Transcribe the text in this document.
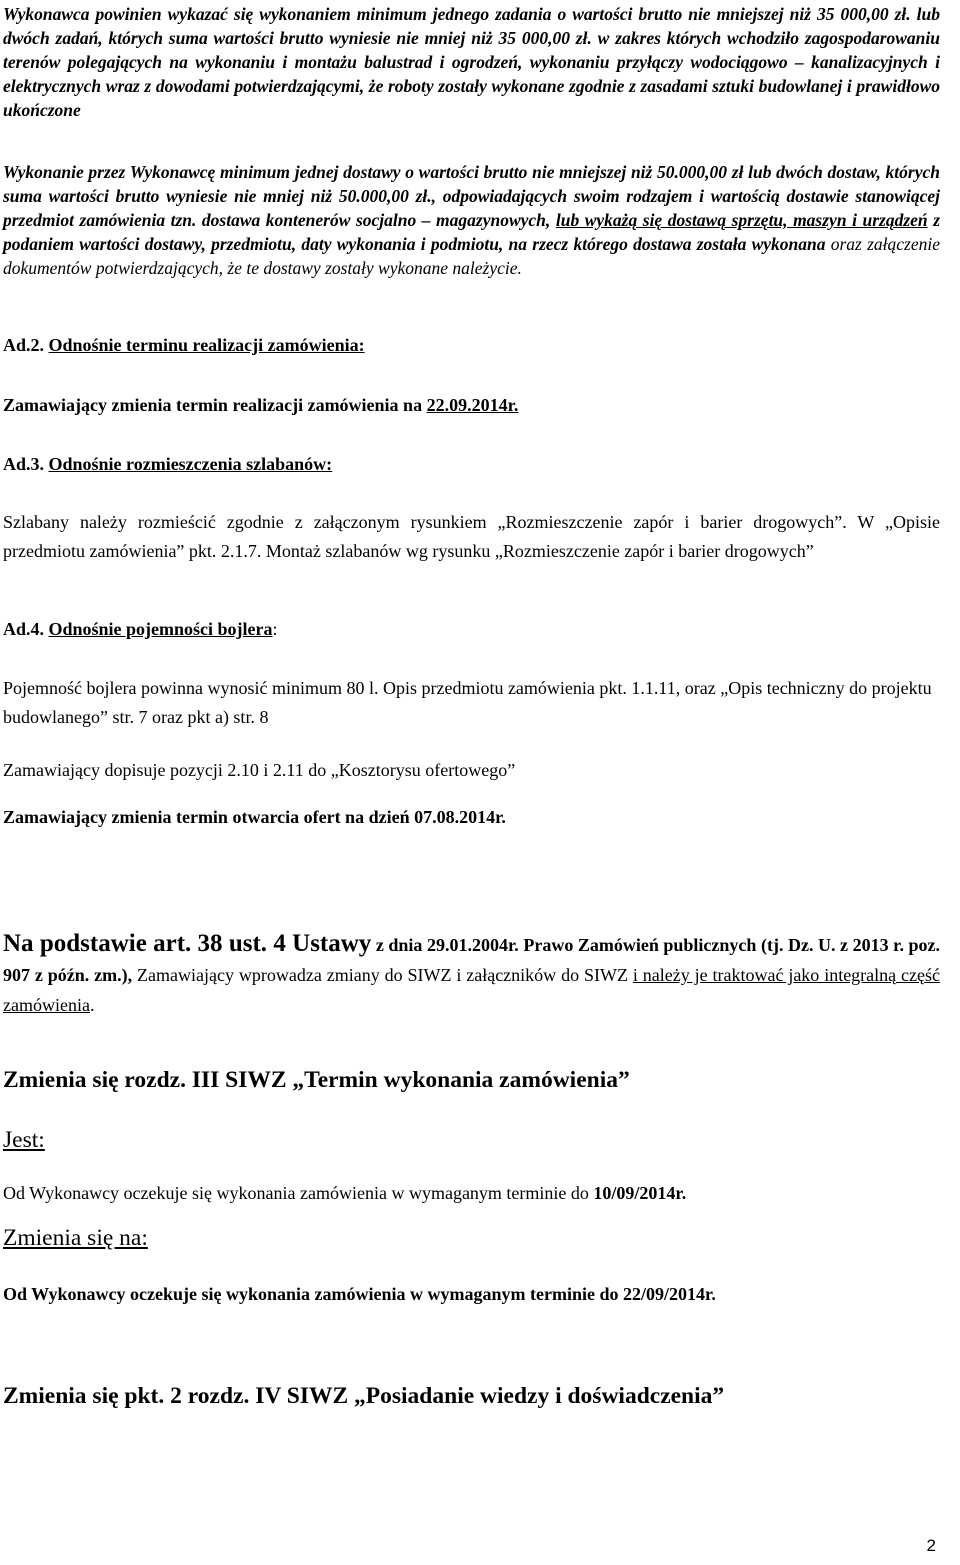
Wykonawca powinien wykazać się wykonaniem minimum jednego zadania o wartości brutto nie mniejszej niż 35 000,00 zł. lub dwóch zadań, których suma wartości brutto wyniesie nie mniej niż 35 000,00 zł. w zakres których wchodziło zagospodarowaniu terenów polegających na wykonaniu i montażu balustrad i ogrodzeń, wykonaniu przyłączy wodociągowo – kanalizacyjnych i elektrycznych wraz z dowodami potwierdzającymi, że roboty zostały wykonane zgodnie z zasadami sztuki budowlanej i prawidłowo ukończone

Wykonanie przez Wykonawcę minimum jednej dostawy o wartości brutto nie mniejszej niż 50.000,00 zł lub dwóch dostaw, których suma wartości brutto wyniesie nie mniej niż 50.000,00 zł., odpowiadających swoim rodzajem i wartością dostawie stanowiącej przedmiot zamówienia tzn. dostawa kontenerów socjalno – magazynowych, lub wykażą się dostawą sprzętu, maszyn i urządzeń z podaniem wartości dostawy, przedmiotu, daty wykonania i podmiotu, na rzecz którego dostawa została wykonana oraz załączenie dokumentów potwierdzających, że te dostawy zostały wykonane należycie.

Ad.2. Odnośnie terminu realizacji zamówienia:

Zamawiający zmienia termin realizacji zamówienia na 22.09.2014r.

Ad.3. Odnośnie rozmieszczenia szlabanów:

Szlabany należy rozmieścić zgodnie z załączonym rysunkiem „Rozmieszczenie zapór i barier drogowych”. W „Opisie przedmiotu zamówienia” pkt. 2.1.7. Montaż szlabanów wg rysunku „Rozmieszczenie zapór i barier drogowych”

Ad.4. Odnośnie pojemności bojlera:

Pojemność bojlera powinna wynosić minimum 80 l. Opis przedmiotu zamówienia pkt. 1.1.11, oraz „Opis techniczny do projektu budowlanego” str. 7 oraz pkt a) str. 8

Zamawiający dopisuje pozycji 2.10 i 2.11 do „Kosztorysu ofertowego”

Zamawiający zmienia termin otwarcia ofert na dzień 07.08.2014r.

Na podstawie art. 38 ust. 4 Ustawy z dnia 29.01.2004r. Prawo Zamówień publicznych (tj. Dz. U. z 2013 r. poz. 907 z późn. zm.), Zamawiający wprowadza zmiany do SIWZ i załączników do SIWZ i należy je traktować jako integralną część zamówienia.

Zmienia się rozdz. III SIWZ „Termin wykonania zamówienia”

Jest:

Od Wykonawcy oczekuje się wykonania zamówienia w wymaganym terminie do 10/09/2014r.

Zmienia się na:

Od Wykonawcy oczekuje się wykonania zamówienia w wymaganym terminie do 22/09/2014r.

Zmienia się pkt. 2 rozdz. IV SIWZ „Posiadanie wiedzy i doświadczenia”

2
